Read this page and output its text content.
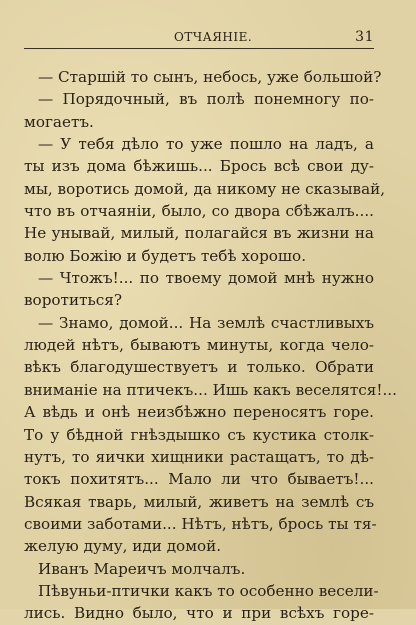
ОТЧАЯНІЕ.	31
— Старшій то сынъ, небось, уже большой?
— Порядочный, въ полѣ понемногу по-
могаетъ.
— У тебя дѣло то уже пошло на ладъ, а
ты изъ дома бѣжишь... Брось всѣ свои ду-
мы, воротись домой, да никому не сказывай,
что въ отчаяніи, было, со двора сбѣжалъ....
Не унывай, милый, полагайся въ жизни на
волю Божію и будетъ тебѣ хорошо.
— Чтожъ!... по твоему домой мнѣ нужно
воротиться?
— Знамо, домой... На землѣ счастливыхъ
людей нѣтъ, бываютъ минуты, когда чело-
вѣкъ благодушествуетъ и только. Обрати
вниманіе на птичекъ... Ишь какъ веселятся!...
А вѣдь и онѣ неизбѣжно переносятъ горе.
То у бѣдной гнѣздышко съ кустика столк-
нутъ, то яички хищники растащатъ, то дѣ-
токъ похитятъ... Мало ли что бываетъ!...
Всякая тварь, милый, живетъ на землѣ съ
своими заботами... Нѣтъ, нѣтъ, брось ты тя-
желую думу, иди домой.
Иванъ Мареичъ молчалъ.
Пѣвуньи-птички какъ то особенно весели-
лись. Видно было, что и при всѣхъ горе-
